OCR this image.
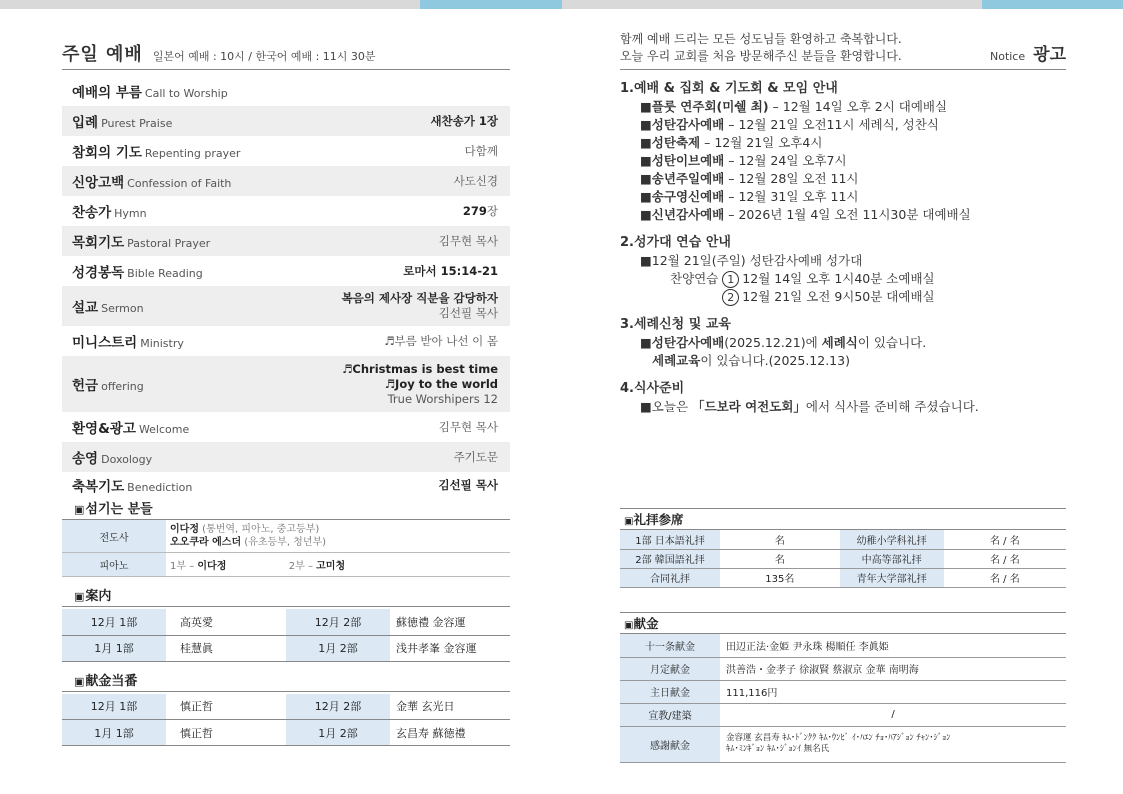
주일 예배 일본어 예배 : 10시 / 한국어 예배 : 11시 30분
예배의 부름 Call to Worship
입례 Purest Praise	새찬송가 1장
참회의 기도 Repenting prayer	다함께
신앙고백 Confession of Faith	사도신경
찬송가 Hymn	279장
목회기도 Pastoral Prayer	김무현 목사
성경봉독 Bible Reading	로마서 15:14-21
설교 Sermon
복음의 제사장 직분을 감당하자
김선필 목사
미니스트리 Ministry	♬부름 받아 나선 이 몸
헌금 offering
♬Christmas is best time
♬Joy to the world
True Worshipers 12
환영&광고 Welcome	김무현 목사
송영 Doxology	주기도문
축복기도 Benediction	김선필 목사
▣섬기는 분들
전도사	이다정 (통번역, 피아노, 중고등부)
오오쿠라 에스더 (유초등부, 청년부)

피아노	1부 – 이다정 2부 – 고미청
▣案内
12月 1部	高英愛	12月 2部	蘇徳禮 金容運
1月 1部	桂慧眞	1月 2部	浅井孝峯 金容運
▣献金当番
12月 1部	慎正哲	12月 2部	金華 玄光日
1月 1部	慎正哲	1月 2部	玄昌寿 蘇徳禮
함께 예배 드리는 모든 성도님들 환영하고 축복합니다.
오늘 우리 교회를 처음 방문해주신 분들을 환영합니다.	Notice 광고
1.예배 & 집회 & 기도회 & 모임 안내
■플룻 연주회(미쉘 최) – 12월 14일 오후 2시 대예배실
■성탄감사예배 – 12월 21일 오전11시 세례식, 성찬식
■성탄축제 – 12월 21일 오후4시
■성탄이브예배 – 12월 24일 오후7시
■송년주일예배 – 12월 28일 오전 11시
■송구영신예배 – 12월 31일 오후 11시
■신년감사예배 – 2026년 1월 4일 오전 11시30분 대예배실
2.성가대 연습 안내
■12월 21일(주일) 성탄감사예배 성가대
찬양연습 1 12월 14일 오후 1시40분 소예배실
2 12월 21일 오전 9시50분 대예배실
3.세례신청 및 교육
■성탄감사예배(2025.12.21)에 세례식이 있습니다.
세례교육이 있습니다.(2025.12.13)
4.식사준비
■오늘은 「드보라 여전도회」에서 식사를 준비해 주셨습니다.
▣礼拝参席
1部 日本語礼拝	名	幼稚小学科礼拝	名 / 名
2部 韓国語礼拝	名	中高等部礼拝	名 / 名
合同礼拝	135名	青年大学部礼拝	名 / 名
▣献金
十一条献金	田辺正法·金姫 尹永珠 楊順任 李眞姫
月定献金	洪善浩・金孝子 徐淑賢 蔡淑京 金華 南明海
主日献金	111,116円
宣教/建築	/
感謝献金	金容運 玄昌寿 ｷﾑ･ﾄﾞﾝｸｸ ｷﾑ･ｳﾝﾋﾞ ｲ･ﾊｴﾝ ﾁｮ･ﾊｱｼﾞｮﾝ ﾁｬﾝ･ｼﾞｮﾝ
ｷﾑ･ﾐﾝｷﾞｮﾝ ｷﾑ･ｼﾞｮﾝｲ 無名氏
